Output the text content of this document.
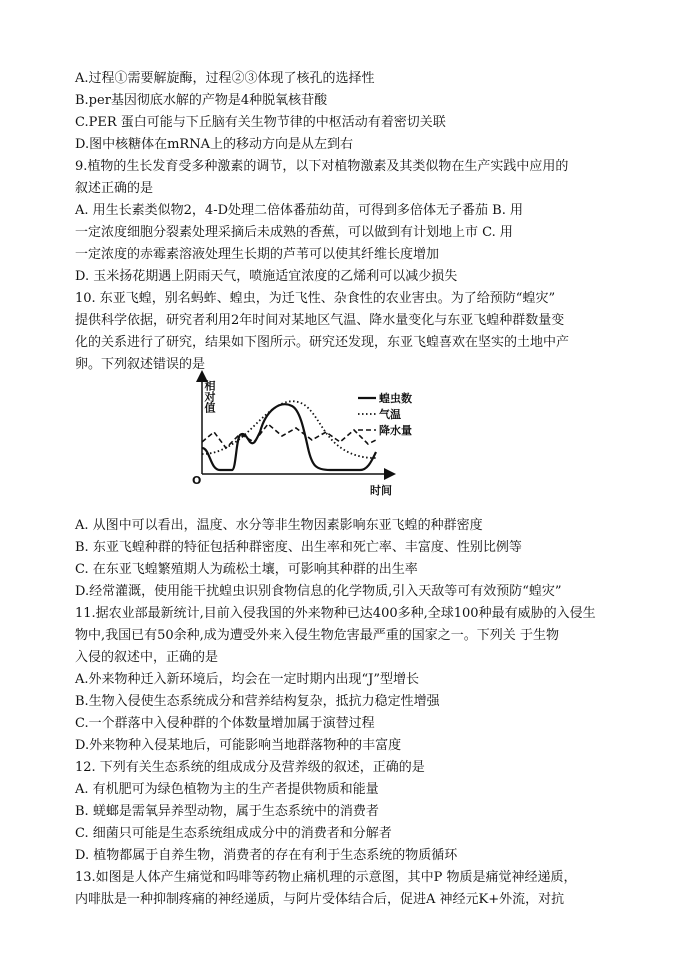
A.过程①需要解旋酶，过程②③体现了核孔的选择性
B.per基因彻底水解的产物是4种脱氧核苷酸
C.PER 蛋白可能与下丘脑有关生物节律的中枢活动有着密切关联
D.图中核糖体在mRNA上的移动方向是从左到右
9.植物的生长发育受多种激素的调节，以下对植物激素及其类似物在生产实践中应用的
叙述正确的是
A. 用生长素类似物2，4-D处理二倍体番茄幼苗，可得到多倍体无子番茄 B. 用
一定浓度细胞分裂素处理采摘后未成熟的香蕉，可以做到有计划地上市 C. 用
一定浓度的赤霉素溶液处理生长期的芦苇可以使其纤维长度增加
D. 玉米扬花期遇上阴雨天气，喷施适宜浓度的乙烯利可以减少损失
10. 东亚飞蝗，别名蚂蚱、蝗虫，为迁飞性、杂食性的农业害虫。为了给预防“蝗灾”
提供科学依据，研究者利用2年时间对某地区气温、降水量变化与东亚飞蝗种群数量变
化的关系进行了研究，结果如下图所示。研究还发现，东亚飞蝗喜欢在坚实的土地中产
卵。下列叙述错误的是
A. 从图中可以看出，温度、水分等非生物因素影响东亚飞蝗的种群密度
B. 东亚飞蝗种群的特征包括种群密度、出生率和死亡率、丰富度、性别比例等
C. 在东亚飞蝗繁殖期人为疏松土壤，可影响其种群的出生率
D.经常灌溉，使用能干扰蝗虫识别食物信息的化学物质,引入天敌等可有效预防“蝗灾”
11.据农业部最新统计,目前入侵我国的外来物种已达400多种,全球100种最有威胁的入侵生
物中,我国已有50余种,成为遭受外来入侵生物危害最严重的国家之一。下列关 于生物
入侵的叙述中，正确的是
A.外来物种迁入新环境后，均会在一定时期内出现“J”型增长
B.生物入侵使生态系统成分和营养结构复杂，抵抗力稳定性增强
C.一个群落中入侵种群的个体数量增加属于演替过程
D.外来物种入侵某地后，可能影响当地群落物种的丰富度
12. 下列有关生态系统的组成成分及营养级的叙述，正确的是
A. 有机肥可为绿色植物为主的生产者提供物质和能量
B. 蜣螂是需氧异养型动物，属于生态系统中的消费者
C. 细菌只可能是生态系统组成成分中的消费者和分解者
D. 植物都属于自养生物，消费者的存在有利于生态系统的物质循环
13.如图是人体产生痛觉和吗啡等药物止痛机理的示意图，其中P 物质是痛觉神经递质，
内啡肽是一种抑制疼痛的神经递质，与阿片受体结合后，促进A 神经元K+外流，对抗
相对值
O
时间
蝗虫数
气温
降水量
